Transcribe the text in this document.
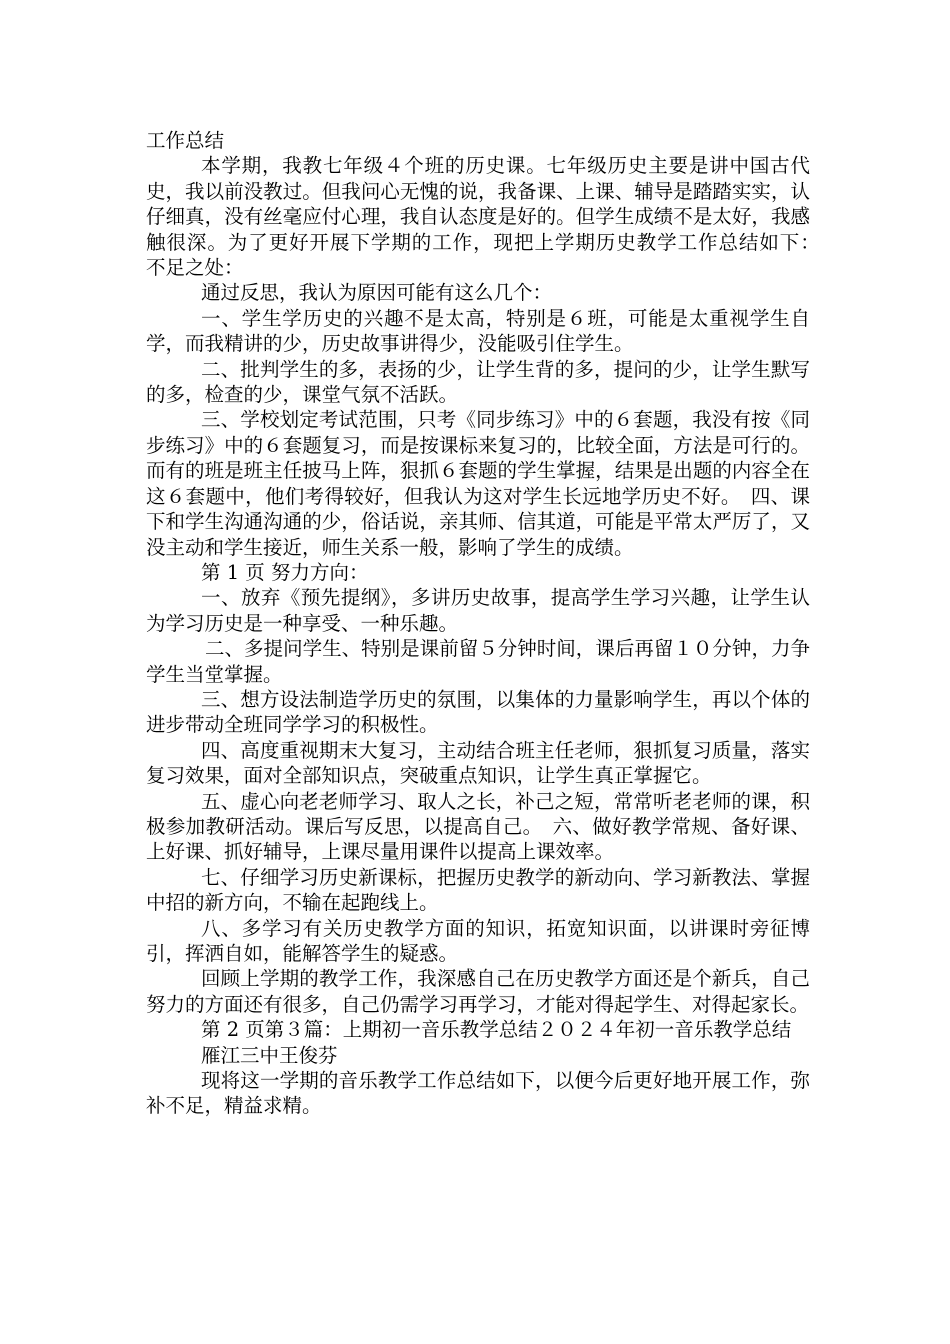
工作总结

本学期，我教七年级４个班的历史课。七年级历史主要是讲中国古代史，我以前没教过。但我问心无愧的说，我备课、上课、辅导是踏踏实实，认仔细真，没有丝毫应付心理，我自认态度是好的。但学生成绩不是太好，我感触很深。为了更好开展下学期的工作，现把上学期历史教学工作总结如下：　不足之处：

通过反思，我认为原因可能有这么几个：

一、学生学历史的兴趣不是太高，特别是６班，可能是太重视学生自学，而我精讲的少，历史故事讲得少，没能吸引住学生。

二、批判学生的多，表扬的少，让学生背的多，提问的少，让学生默写的多，检查的少，课堂气氛不活跃。

三、学校划定考试范围，只考《同步练习》中的６套题，我没有按《同步练习》中的６套题复习，而是按课标来复习的，比较全面，方法是可行的。而有的班是班主任披马上阵，狠抓６套题的学生掌握，结果是出题的内容全在这６套题中，他们考得较好，但我认为这对学生长远地学历史不好。　四、课下和学生沟通沟通的少，俗话说，亲其师、信其道，可能是平常太严厉了，又没主动和学生接近，师生关系一般，影响了学生的成绩。

第 1 页 努力方向：

一、放弃《预先提纲》，多讲历史故事，提高学生学习兴趣，让学生认为学习历史是一种享受、一种乐趣。

二、多提问学生、特别是课前留５分钟时间，课后再留１０分钟，力争学生当堂掌握。

三、想方设法制造学历史的氛围，以集体的力量影响学生，再以个体的进步带动全班同学学习的积极性。

四、高度重视期末大复习，主动结合班主任老师，狠抓复习质量，落实复习效果，面对全部知识点，突破重点知识，让学生真正掌握它。

五、虚心向老老师学习、取人之长，补己之短，常常听老老师的课，积极参加教研活动。课后写反思，以提高自己。　六、做好教学常规、备好课、上好课、抓好辅导，上课尽量用课件以提高上课效率。

七、仔细学习历史新课标，把握历史教学的新动向、学习新教法、掌握中招的新方向，不输在起跑线上。

八、多学习有关历史教学方面的知识，拓宽知识面，以讲课时旁征博引，挥洒自如，能解答学生的疑惑。

回顾上学期的教学工作，我深感自己在历史教学方面还是个新兵，自己努力的方面还有很多，自己仍需学习再学习，才能对得起学生、对得起家长。

第 2 页第３篇：上期初一音乐教学总结２０２４年初一音乐教学总结

雁江三中王俊芬

现将这一学期的音乐教学工作总结如下，以便今后更好地开展工作，弥补不足，精益求精。
